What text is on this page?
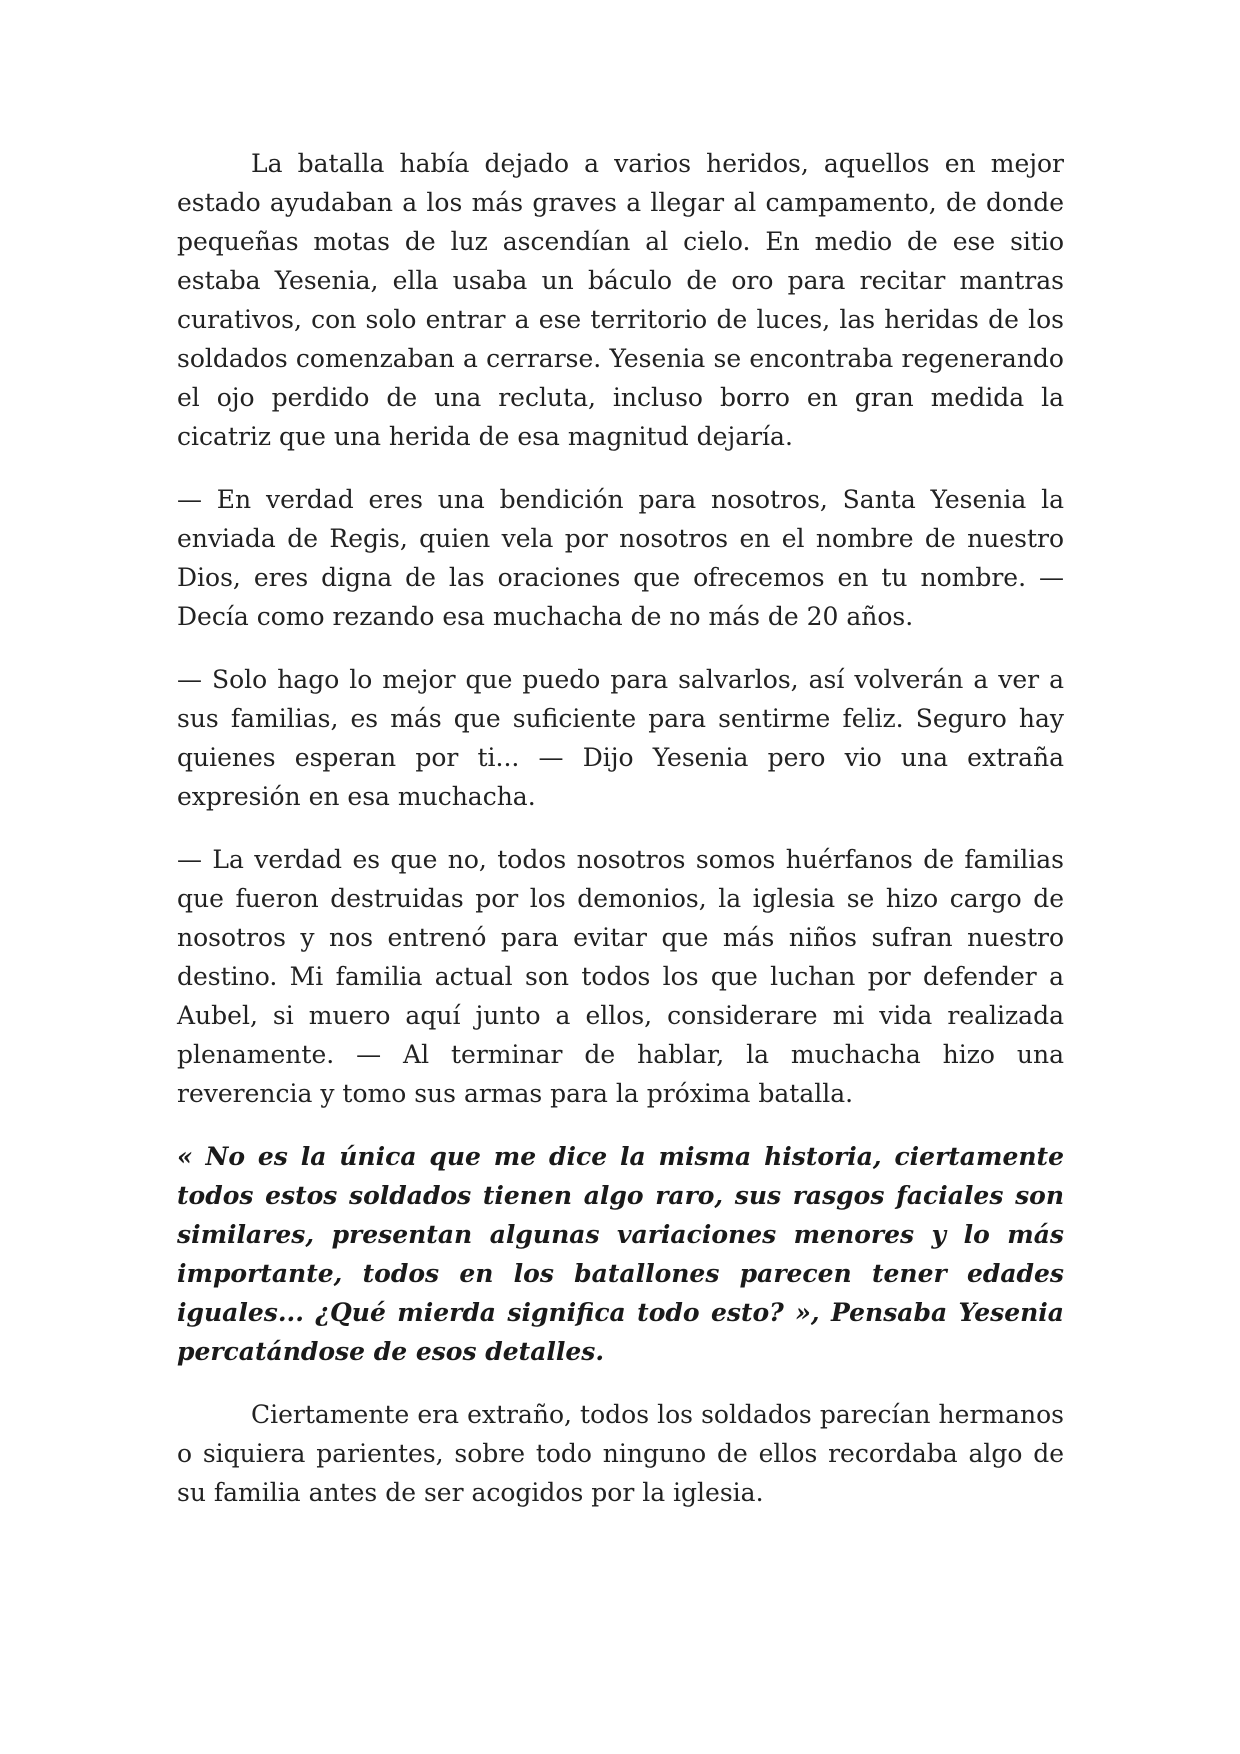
La batalla había dejado a varios heridos, aquellos en mejor estado ayudaban a los más graves a llegar al campamento, de donde pequeñas motas de luz ascendían al cielo. En medio de ese sitio estaba Yesenia, ella usaba un báculo de oro para recitar mantras curativos, con solo entrar a ese territorio de luces, las heridas de los soldados comenzaban a cerrarse. Yesenia se encontraba regenerando el ojo perdido de una recluta, incluso borro en gran medida la cicatriz que una herida de esa magnitud dejaría.

— En verdad eres una bendición para nosotros, Santa Yesenia la enviada de Regis, quien vela por nosotros en el nombre de nuestro Dios, eres digna de las oraciones que ofrecemos en tu nombre. — Decía como rezando esa muchacha de no más de 20 años.

— Solo hago lo mejor que puedo para salvarlos, así volverán a ver a sus familias, es más que suficiente para sentirme feliz. Seguro hay quienes esperan por ti... — Dijo Yesenia pero vio una extraña expresión en esa muchacha.

— La verdad es que no, todos nosotros somos huérfanos de familias que fueron destruidas por los demonios, la iglesia se hizo cargo de nosotros y nos entrenó para evitar que más niños sufran nuestro destino. Mi familia actual son todos los que luchan por defender a Aubel, si muero aquí junto a ellos, considerare mi vida realizada plenamente. — Al terminar de hablar, la muchacha hizo una reverencia y tomo sus armas para la próxima batalla.

« No es la única que me dice la misma historia, ciertamente todos estos soldados tienen algo raro, sus rasgos faciales son similares, presentan algunas variaciones menores y lo más importante, todos en los batallones parecen tener edades iguales... ¿Qué mierda significa todo esto? », Pensaba Yesenia percatándose de esos detalles.

Ciertamente era extraño, todos los soldados parecían hermanos o siquiera parientes, sobre todo ninguno de ellos recordaba algo de su familia antes de ser acogidos por la iglesia.
